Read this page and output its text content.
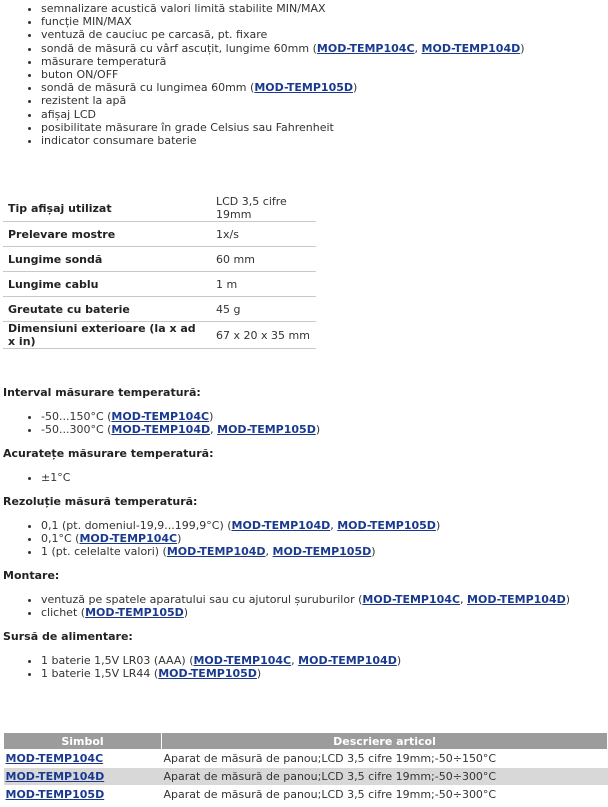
• semnalizare acustică valori limită stabilite MIN/MAX
• funcție MIN/MAX
• ventuză de cauciuc pe carcasă, pt. fixare
• sondă de măsură cu vârf ascuțit, lungime 60mm (MOD-TEMP104C, MOD-TEMP104D)
• măsurare temperatură
• buton ON/OFF
• sondă de măsură cu lungimea 60mm (MOD-TEMP105D)
• rezistent la apă
• afișaj LCD
• posibilitate măsurare în grade Celsius sau Fahrenheit
• indicator consumare baterie
Tip afișaj utilizat	LCD 3,5 cifre 19mm
Prelevare mostre	1x/s
Lungime sondă	60 mm
Lungime cablu	1 m
Greutate cu baterie	45 g
Dimensiuni exterioare (la x ad x in)	67 x 20 x 35 mm
Interval măsurare temperatură:
• -50...150°C (MOD-TEMP104C)
• -50...300°C (MOD-TEMP104D, MOD-TEMP105D)
Acuratețe măsurare temperatură:
• ±1°C
Rezoluție măsură temperatură:
• 0,1 (pt. domeniul-19,9...199,9°C) (MOD-TEMP104D, MOD-TEMP105D)
• 0,1°C (MOD-TEMP104C)
• 1 (pt. celelalte valori) (MOD-TEMP104D, MOD-TEMP105D)
Montare:
• ventuză pe spatele aparatului sau cu ajutorul șuruburilor (MOD-TEMP104C, MOD-TEMP104D)
• clichet (MOD-TEMP105D)
Sursă de alimentare:
• 1 baterie 1,5V LR03 (AAA) (MOD-TEMP104C, MOD-TEMP104D)
• 1 baterie 1,5V LR44 (MOD-TEMP105D)
Simbol	Descriere articol
MOD-TEMP104C	Aparat de măsură de panou;LCD 3,5 cifre 19mm;-50÷150°C
MOD-TEMP104D	Aparat de măsură de panou;LCD 3,5 cifre 19mm;-50÷300°C
MOD-TEMP105D	Aparat de măsură de panou;LCD 3,5 cifre 19mm;-50÷300°C
